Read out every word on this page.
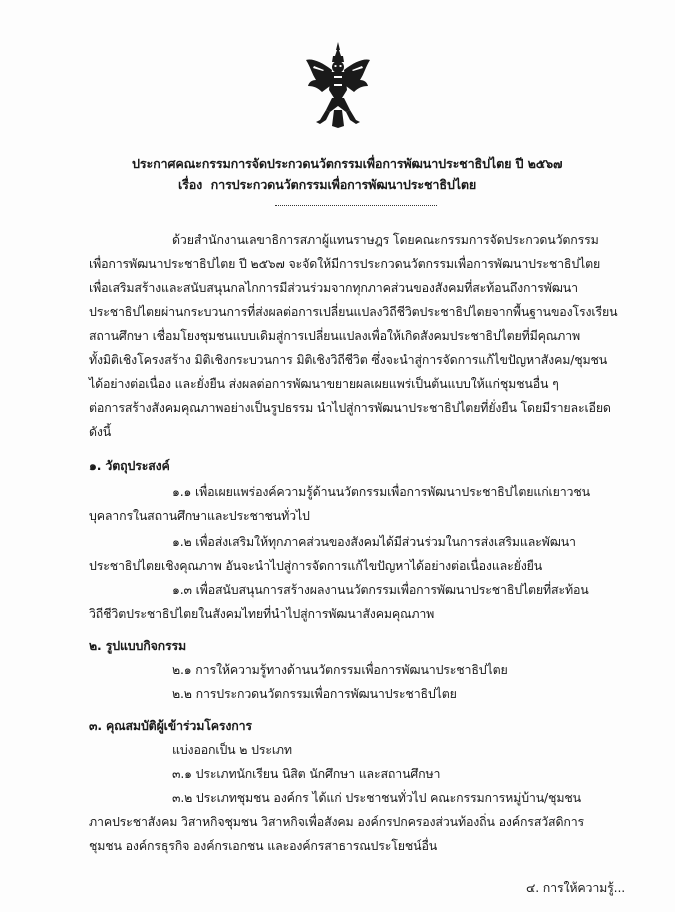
ประกาศคณะกรรมการจัดประกวดนวัตกรรมเพื่อการพัฒนาประชาธิปไตย ปี ๒๕๖๗
เรื่อง การประกวดนวัตกรรมเพื่อการพัฒนาประชาธิปไตย
ด้วยสำนักงานเลขาธิการสภาผู้แทนราษฎร โดยคณะกรรมการจัดประกวดนวัตกรรม
เพื่อการพัฒนาประชาธิปไตย ปี ๒๕๖๗ จะจัดให้มีการประกวดนวัตกรรมเพื่อการพัฒนาประชาธิปไตย
เพื่อเสริมสร้างและสนับสนุนกลไกการมีส่วนร่วมจากทุกภาคส่วนของสังคมที่สะท้อนถึงการพัฒนา
ประชาธิปไตยผ่านกระบวนการที่ส่งผลต่อการเปลี่ยนแปลงวิถีชีวิตประชาธิปไตยจากพื้นฐานของโรงเรียน
สถานศึกษา เชื่อมโยงชุมชนแบบเดิมสู่การเปลี่ยนแปลงเพื่อให้เกิดสังคมประชาธิปไตยที่มีคุณภาพ
ทั้งมิติเชิงโครงสร้าง มิติเชิงกระบวนการ มิติเชิงวิถีชีวิต ซึ่งจะนำสู่การจัดการแก้ไขปัญหาสังคม/ชุมชน
ได้อย่างต่อเนื่อง และยั่งยืน ส่งผลต่อการพัฒนาขยายผลเผยแพร่เป็นต้นแบบให้แก่ชุมชนอื่น ๆ
ต่อการสร้างสังคมคุณภาพอย่างเป็นรูปธรรม นำไปสู่การพัฒนาประชาธิปไตยที่ยั่งยืน โดยมีรายละเอียด
ดังนี้
๑. วัตถุประสงค์
๑.๑ เพื่อเผยแพร่องค์ความรู้ด้านนวัตกรรมเพื่อการพัฒนาประชาธิปไตยแก่เยาวชน
บุคลากรในสถานศึกษาและประชาชนทั่วไป
๑.๒ เพื่อส่งเสริมให้ทุกภาคส่วนของสังคมได้มีส่วนร่วมในการส่งเสริมและพัฒนา
ประชาธิปไตยเชิงคุณภาพ อันจะนำไปสู่การจัดการแก้ไขปัญหาได้อย่างต่อเนื่องและยั่งยืน
๑.๓ เพื่อสนับสนุนการสร้างผลงานนวัตกรรมเพื่อการพัฒนาประชาธิปไตยที่สะท้อน
วิถีชีวิตประชาธิปไตยในสังคมไทยที่นำไปสู่การพัฒนาสังคมคุณภาพ
๒. รูปแบบกิจกรรม
๒.๑ การให้ความรู้ทางด้านนวัตกรรมเพื่อการพัฒนาประชาธิปไตย
๒.๒ การประกวดนวัตกรรมเพื่อการพัฒนาประชาธิปไตย
๓. คุณสมบัติผู้เข้าร่วมโครงการ
แบ่งออกเป็น ๒ ประเภท
๓.๑ ประเภทนักเรียน นิสิต นักศึกษา และสถานศึกษา
๓.๒ ประเภทชุมชน องค์กร ได้แก่ ประชาชนทั่วไป คณะกรรมการหมู่บ้าน/ชุมชน
ภาคประชาสังคม วิสาหกิจชุมชน วิสาหกิจเพื่อสังคม องค์กรปกครองส่วนท้องถิ่น องค์กรสวัสดิการ
ชุมชน องค์กรธุรกิจ องค์กรเอกชน และองค์กรสาธารณประโยชน์อื่น
๔. การให้ความรู้...
